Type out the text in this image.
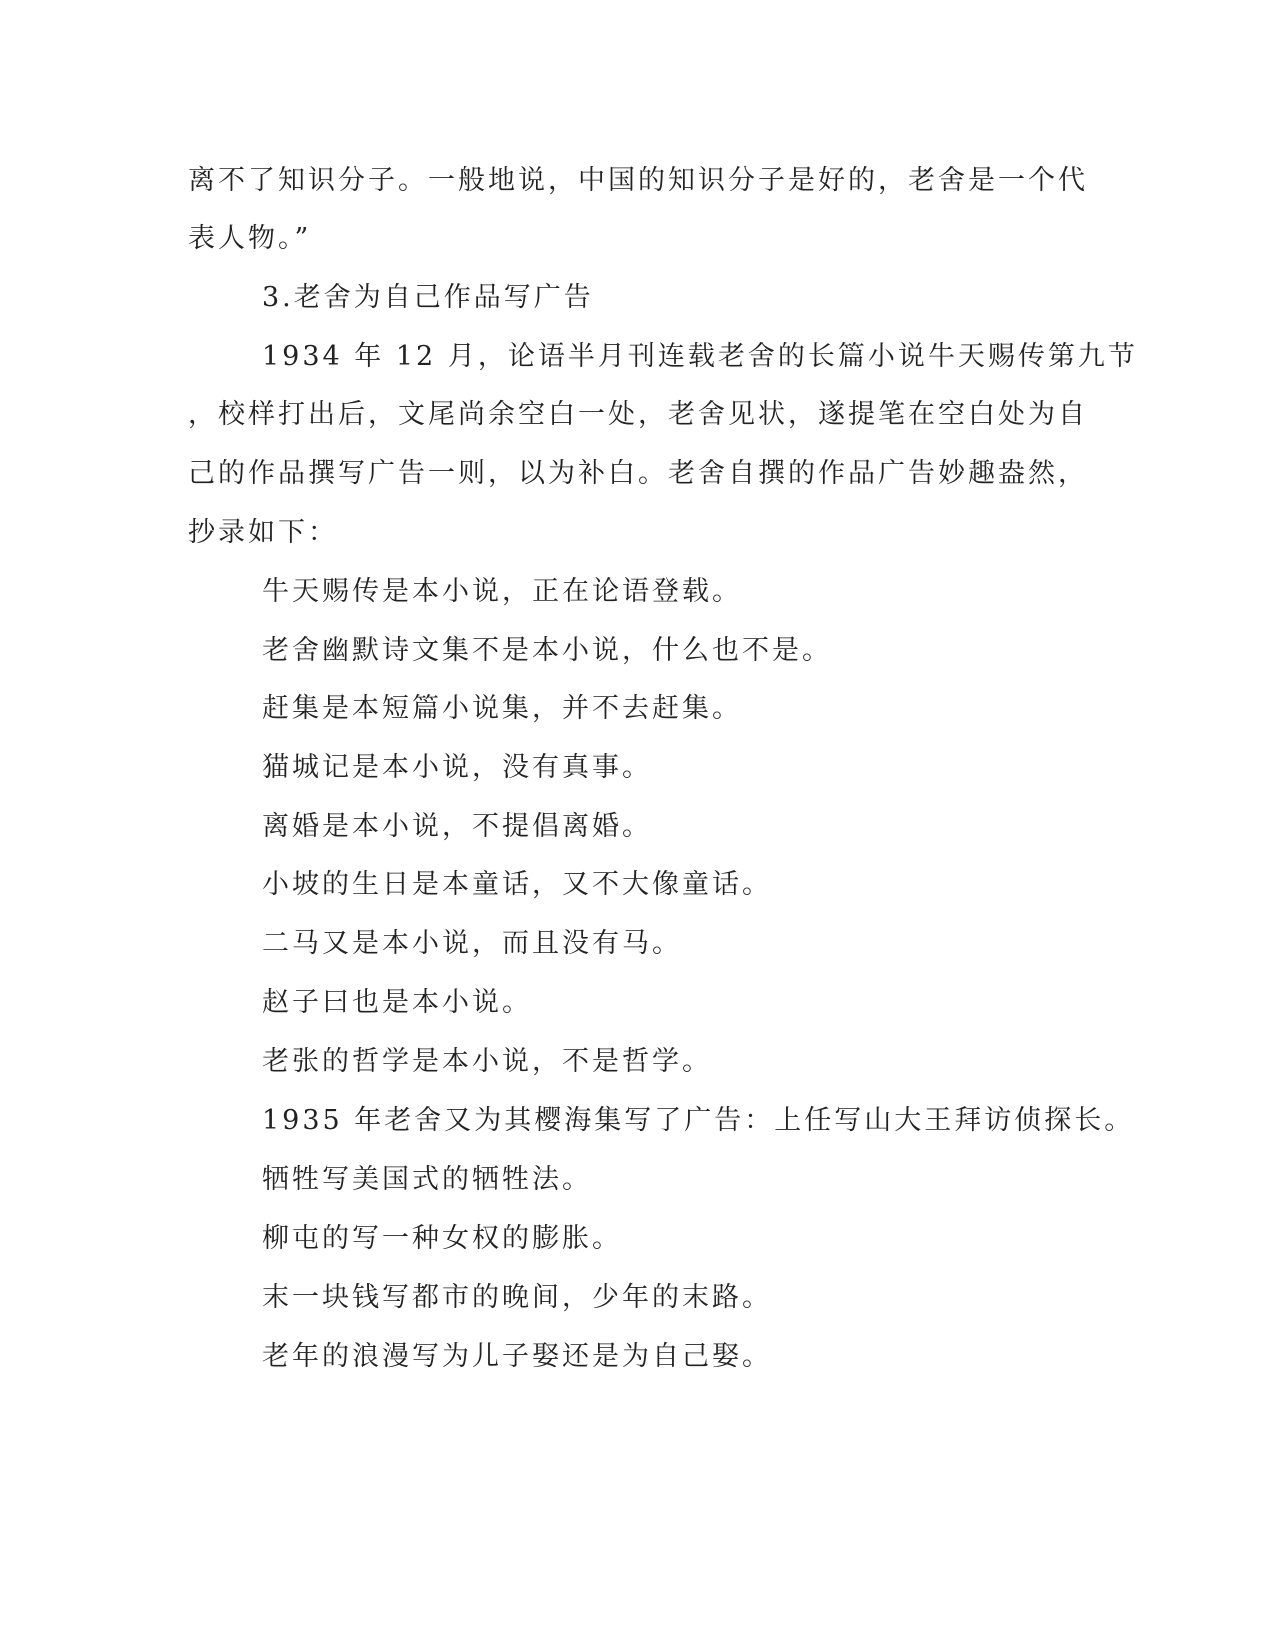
离不了知识分子。一般地说，中国的知识分子是好的，老舍是一个代
表人物。”
3.老舍为自己作品写广告
1934 年 12 月，论语半月刊连载老舍的长篇小说牛天赐传第九节
，校样打出后，文尾尚余空白一处，老舍见状，遂提笔在空白处为自
己的作品撰写广告一则，以为补白。老舍自撰的作品广告妙趣盎然，
抄录如下：
牛天赐传是本小说，正在论语登载。
老舍幽默诗文集不是本小说，什么也不是。
赶集是本短篇小说集，并不去赶集。
猫城记是本小说，没有真事。
离婚是本小说，不提倡离婚。
小坡的生日是本童话，又不大像童话。
二马又是本小说，而且没有马。
赵子曰也是本小说。
老张的哲学是本小说，不是哲学。
1935 年老舍又为其樱海集写了广告：上任写山大王拜访侦探长。
牺牲写美国式的牺牲法。
柳屯的写一种女权的膨胀。
末一块钱写都市的晚间，少年的末路。
老年的浪漫写为儿子娶还是为自己娶。
